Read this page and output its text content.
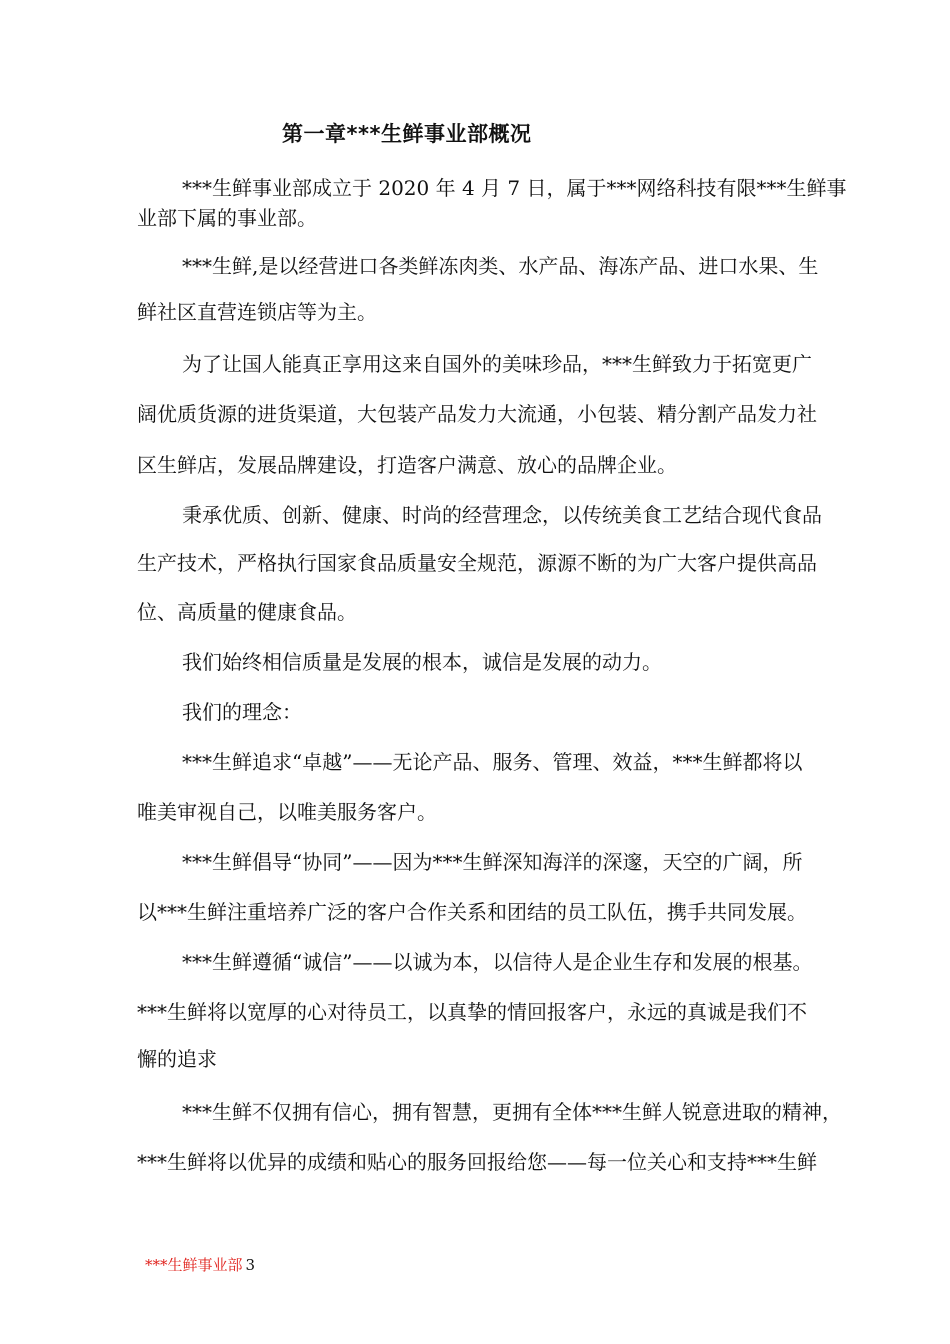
第一章***生鲜事业部概况
***生鲜事业部成立于 2020 年 4 月 7 日，属于***网络科技有限***生鲜事
业部下属的事业部。
***生鲜,是以经营进口各类鲜冻肉类、水产品、海冻产品、进口水果、生
鲜社区直营连锁店等为主。
为了让国人能真正享用这来自国外的美味珍品，***生鲜致力于拓宽更广
阔优质货源的进货渠道，大包装产品发力大流通，小包装、精分割产品发力社
区生鲜店，发展品牌建设，打造客户满意、放心的品牌企业。
秉承优质、创新、健康、时尚的经营理念，以传统美食工艺结合现代食品
生产技术，严格执行国家食品质量安全规范，源源不断的为广大客户提供高品
位、高质量的健康食品。
我们始终相信质量是发展的根本，诚信是发展的动力。
我们的理念：
***生鲜追求“卓越”——无论产品、服务、管理、效益，***生鲜都将以
唯美审视自己，以唯美服务客户。
***生鲜倡导“协同”——因为***生鲜深知海洋的深邃，天空的广阔，所
以***生鲜注重培养广泛的客户合作关系和团结的员工队伍，携手共同发展。
***生鲜遵循“诚信”——以诚为本，以信待人是企业生存和发展的根基。
***生鲜将以宽厚的心对待员工，以真挚的情回报客户，永远的真诚是我们不
懈的追求
***生鲜不仅拥有信心，拥有智慧，更拥有全体***生鲜人锐意进取的精神，
***生鲜将以优异的成绩和贴心的服务回报给您——每一位关心和支持***生鲜
***生鲜事业部 3
